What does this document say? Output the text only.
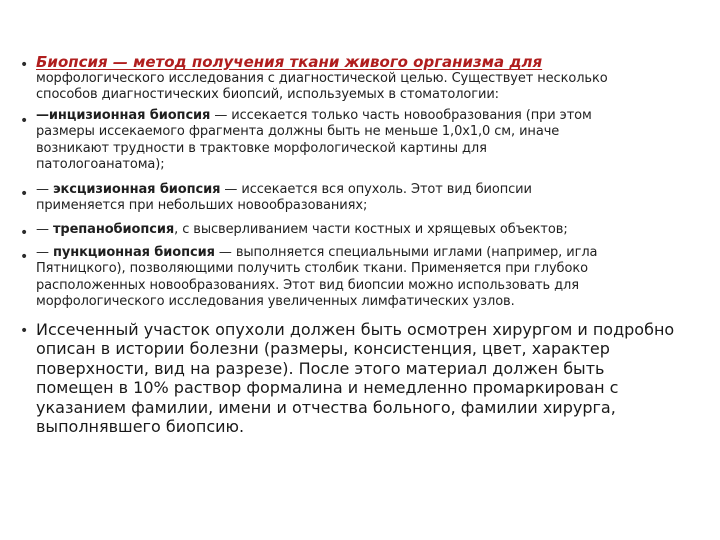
• Биопсия — метод получения ткани живого организма для
морфологического исследования с диагностической целью. Существует несколько
способов диагностических биопсий, используемых в стоматологии:
• —инцизионная биопсия — иссекается только часть новообразования (при этом
размеры иссекаемого фрагмента должны быть не меньше 1,0х1,0 см, иначе
возникают трудности в трактовке морфологической картины для
патологоанатома);
• — эксцизионная биопсия — иссекается вся опухоль. Этот вид биопсии
применяется при небольших новообразованиях;
• — трепанобиопсия, с высверливанием части костных и хрящевых объектов;
• — пункционная биопсия — выполняется специальными иглами (например, игла
Пятницкого), позволяющими получить столбик ткани. Применяется при глубоко
расположенных новообразованиях. Этот вид биопсии можно использовать для
морфологического исследования увеличенных лимфатических узлов.
• Иссеченный участок опухоли должен быть осмотрен хирургом и подробно
описан в истории болезни (размеры, консистенция, цвет, характер
поверхности, вид на разрезе). После этого материал должен быть
помещен в 10% раствор формалина и немедленно промаркирован с
указанием фамилии, имени и отчества больного, фамилии хирурга,
выполнявшего биопсию.
